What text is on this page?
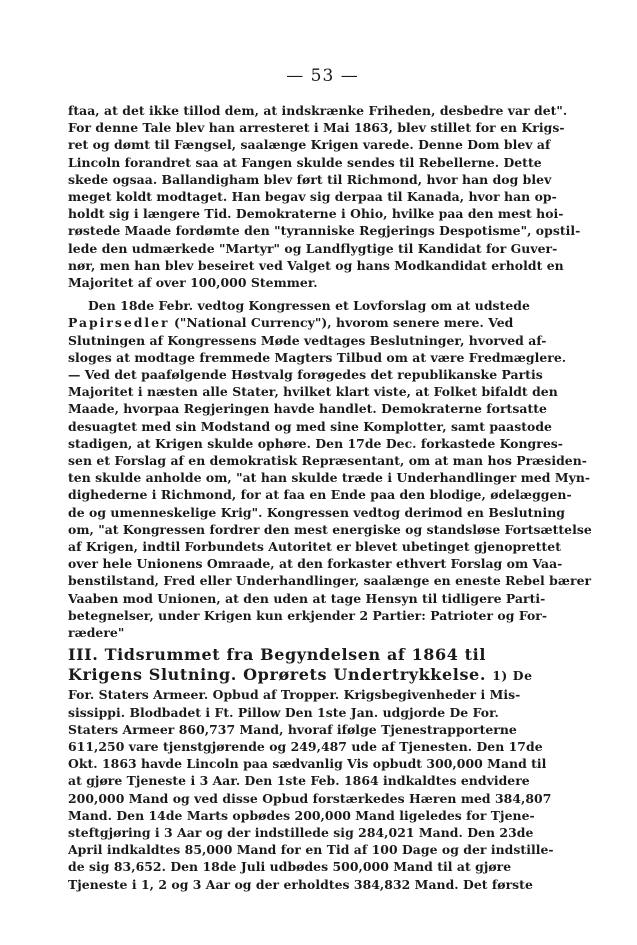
— 53 —
ftaa, at det ikke tillod dem, at indskrænke Friheden, desbedre var det".
For denne Tale blev han arresteret i Mai 1863, blev stillet for en Krigs-
ret og dømt til Fængsel, saalænge Krigen varede. Denne Dom blev af
Lincoln forandret saa at Fangen skulde sendes til Rebellerne. Dette
skede ogsaa. Ballandigham blev ført til Richmond, hvor han dog blev
meget koldt modtaget. Han begav sig derpaa til Kanada, hvor han op-
holdt sig i længere Tid. Demokraterne i Ohio, hvilke paa den mest hoi-
røstede Maade fordømte den "tyranniske Regjerings Despotisme", opstil-
lede den udmærkede "Martyr" og Landflygtige til Kandidat for Guver-
nør, men han blev beseiret ved Valget og hans Modkandidat erholdt en
Majoritet af over 100,000 Stemmer.
Den 18de Febr. vedtog Kongressen et Lovforslag om at udstede
Papirsedler ("National Currency"), hvorom senere mere. Ved
Slutningen af Kongressens Møde vedtages Beslutninger, hvorved af-
sloges at modtage fremmede Magters Tilbud om at være Fredmæglere.
— Ved det paafølgende Høstvalg forøgedes det republikanske Partis
Majoritet i næsten alle Stater, hvilket klart viste, at Folket bifaldt den
Maade, hvorpaa Regjeringen havde handlet. Demokraterne fortsatte
desuagtet med sin Modstand og med sine Komplotter, samt paastode
stadigen, at Krigen skulde ophøre. Den 17de Dec. forkastede Kongres-
sen et Forslag af en demokratisk Repræsentant, om at man hos Præsiden-
ten skulde anholde om, "at han skulde træde i Underhandlinger med Myn-
dighederne i Richmond, for at faa en Ende paa den blodige, ødelæggen-
de og umenneskelige Krig". Kongressen vedtog derimod en Beslutning
om, "at Kongressen fordrer den mest energiske og standsløse Fortsættelse
af Krigen, indtil Forbundets Autoritet er blevet ubetinget gjenoprettet
over hele Unionens Omraade, at den forkaster ethvert Forslag om Vaa-
benstilstand, Fred eller Underhandlinger, saalænge en eneste Rebel bærer
Vaaben mod Unionen, at den uden at tage Hensyn til tidligere Parti-
betegnelser, under Krigen kun erkjender 2 Partier: Patrioter og For-
rædere"
III. Tidsrummet fra Begyndelsen af 1864 til
Krigens Slutning. Oprørets Undertrykkelse. 1) De
For. Staters Armeer. Opbud af Tropper. Krigsbegivenheder i Mis-
sissippi. Blodbadet i Ft. Pillow Den 1ste Jan. udgjorde De For.
Staters Armeer 860,737 Mand, hvoraf ifølge Tjenestrapporterne
611,250 vare tjenstgjørende og 249,487 ude af Tjenesten. Den 17de
Okt. 1863 havde Lincoln paa sædvanlig Vis opbudt 300,000 Mand til
at gjøre Tjeneste i 3 Aar. Den 1ste Feb. 1864 indkaldtes endvidere
200,000 Mand og ved disse Opbud forstærkedes Hæren med 384,807
Mand. Den 14de Marts opbødes 200,000 Mand ligeledes for Tjene-
steftgjøring i 3 Aar og der indstillede sig 284,021 Mand. Den 23de
April indkaldtes 85,000 Mand for en Tid af 100 Dage og der indstille-
de sig 83,652. Den 18de Juli udbødes 500,000 Mand til at gjøre
Tjeneste i 1, 2 og 3 Aar og der erholdtes 384,832 Mand. Det første
